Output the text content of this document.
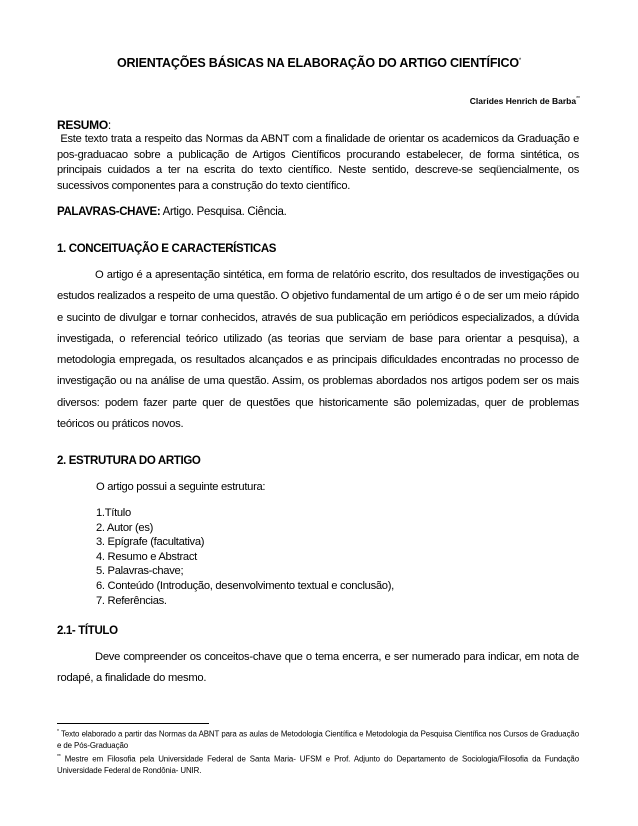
ORIENTAÇÕES BÁSICAS NA ELABORAÇÃO DO ARTIGO CIENTÍFICO*
Clarides Henrich de Barba**
RESUMO:
Este texto trata a respeito das Normas da ABNT com a finalidade de orientar os academicos da Graduação e pos-graduacao sobre a publicação de Artigos Científicos procurando estabelecer, de forma sintética, os principais cuidados a ter na escrita do texto científico. Neste sentido, descreve-se seqüencialmente, os sucessivos componentes para a construção do texto científico.
PALAVRAS-CHAVE: Artigo. Pesquisa. Ciência.
1. CONCEITUAÇÃO E CARACTERÍSTICAS
O artigo é a apresentação sintética, em forma de relatório escrito, dos resultados de investigações ou estudos realizados a respeito de uma questão. O objetivo fundamental de um artigo é o de ser um meio rápido e sucinto de divulgar e tornar conhecidos, através de sua publicação em periódicos especializados, a dúvida investigada, o referencial teórico utilizado (as teorias que serviam de base para orientar a pesquisa), a metodologia empregada, os resultados alcançados e as principais dificuldades encontradas no processo de investigação ou na análise de uma questão. Assim, os problemas abordados nos artigos podem ser os mais diversos: podem fazer parte quer de questões que historicamente são polemizadas, quer de problemas teóricos ou práticos novos.
2. ESTRUTURA DO ARTIGO
O artigo possui a seguinte estrutura:
1.Título
2. Autor (es)
3. Epígrafe (facultativa)
4. Resumo e Abstract
5. Palavras-chave;
6. Conteúdo (Introdução, desenvolvimento textual e conclusão),
7. Referências.
2.1- TÍTULO
Deve compreender os conceitos-chave que o tema encerra, e ser numerado para indicar, em nota de rodapé, a finalidade do mesmo.
* Texto elaborado a partir das Normas da ABNT para as aulas de Metodologia Científica e Metodologia da Pesquisa Científica nos Cursos de Graduação e de Pós-Graduação
** Mestre em Filosofia pela Universidade Federal de Santa Maria- UFSM e Prof. Adjunto do Departamento de Sociologia/Filosofia da Fundação Universidade Federal de Rondônia- UNIR.
